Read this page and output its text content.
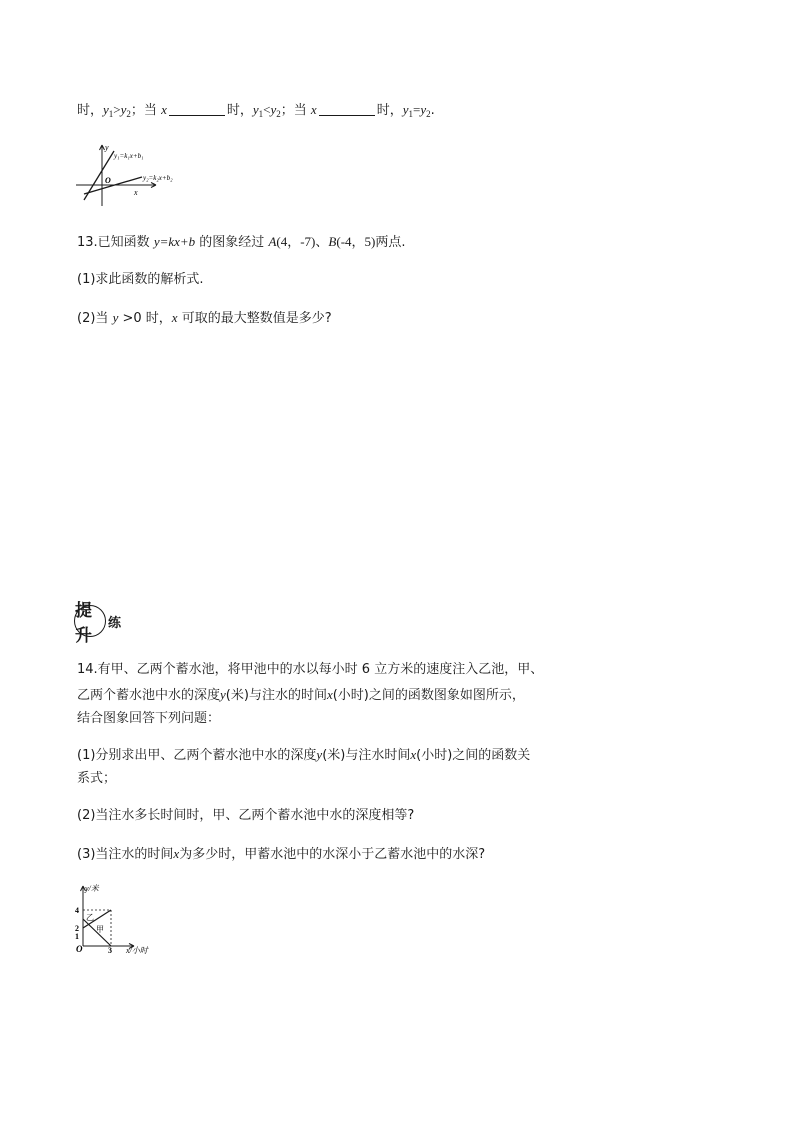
时，$y_1>y_2$；当 x	时，$y_1<y_2$；当 x	时，$y_1=y_2$.
y
x
O
y₁=k₁x+b₁
y₂=k₂x+b₂
13.已知函数 y=kx+b 的图象经过 A(4，-7)、B(-4，5)两点.
(1)求此函数的解析式.
(2)当 y >0 时，x 可取的最大整数值是多少?
提升
练
14.有甲、乙两个蓄水池，将甲池中的水以每小时 6 立方米的速度注入乙池，甲、
乙两个蓄水池中水的深度y(米)与注水的时间x(小时)之间的函数图象如图所示，
结合图象回答下列问题：
(1)分别求出甲、乙两个蓄水池中水的深度y(米)与注水时间x(小时)之间的函数关
系式；
(2)当注水多长时间时，甲、乙两个蓄水池中水的深度相等?
(3)当注水的时间x为多少时，甲蓄水池中的水深小于乙蓄水池中的水深?
y/米
x/小时
O
4
2
1
3
乙
甲
